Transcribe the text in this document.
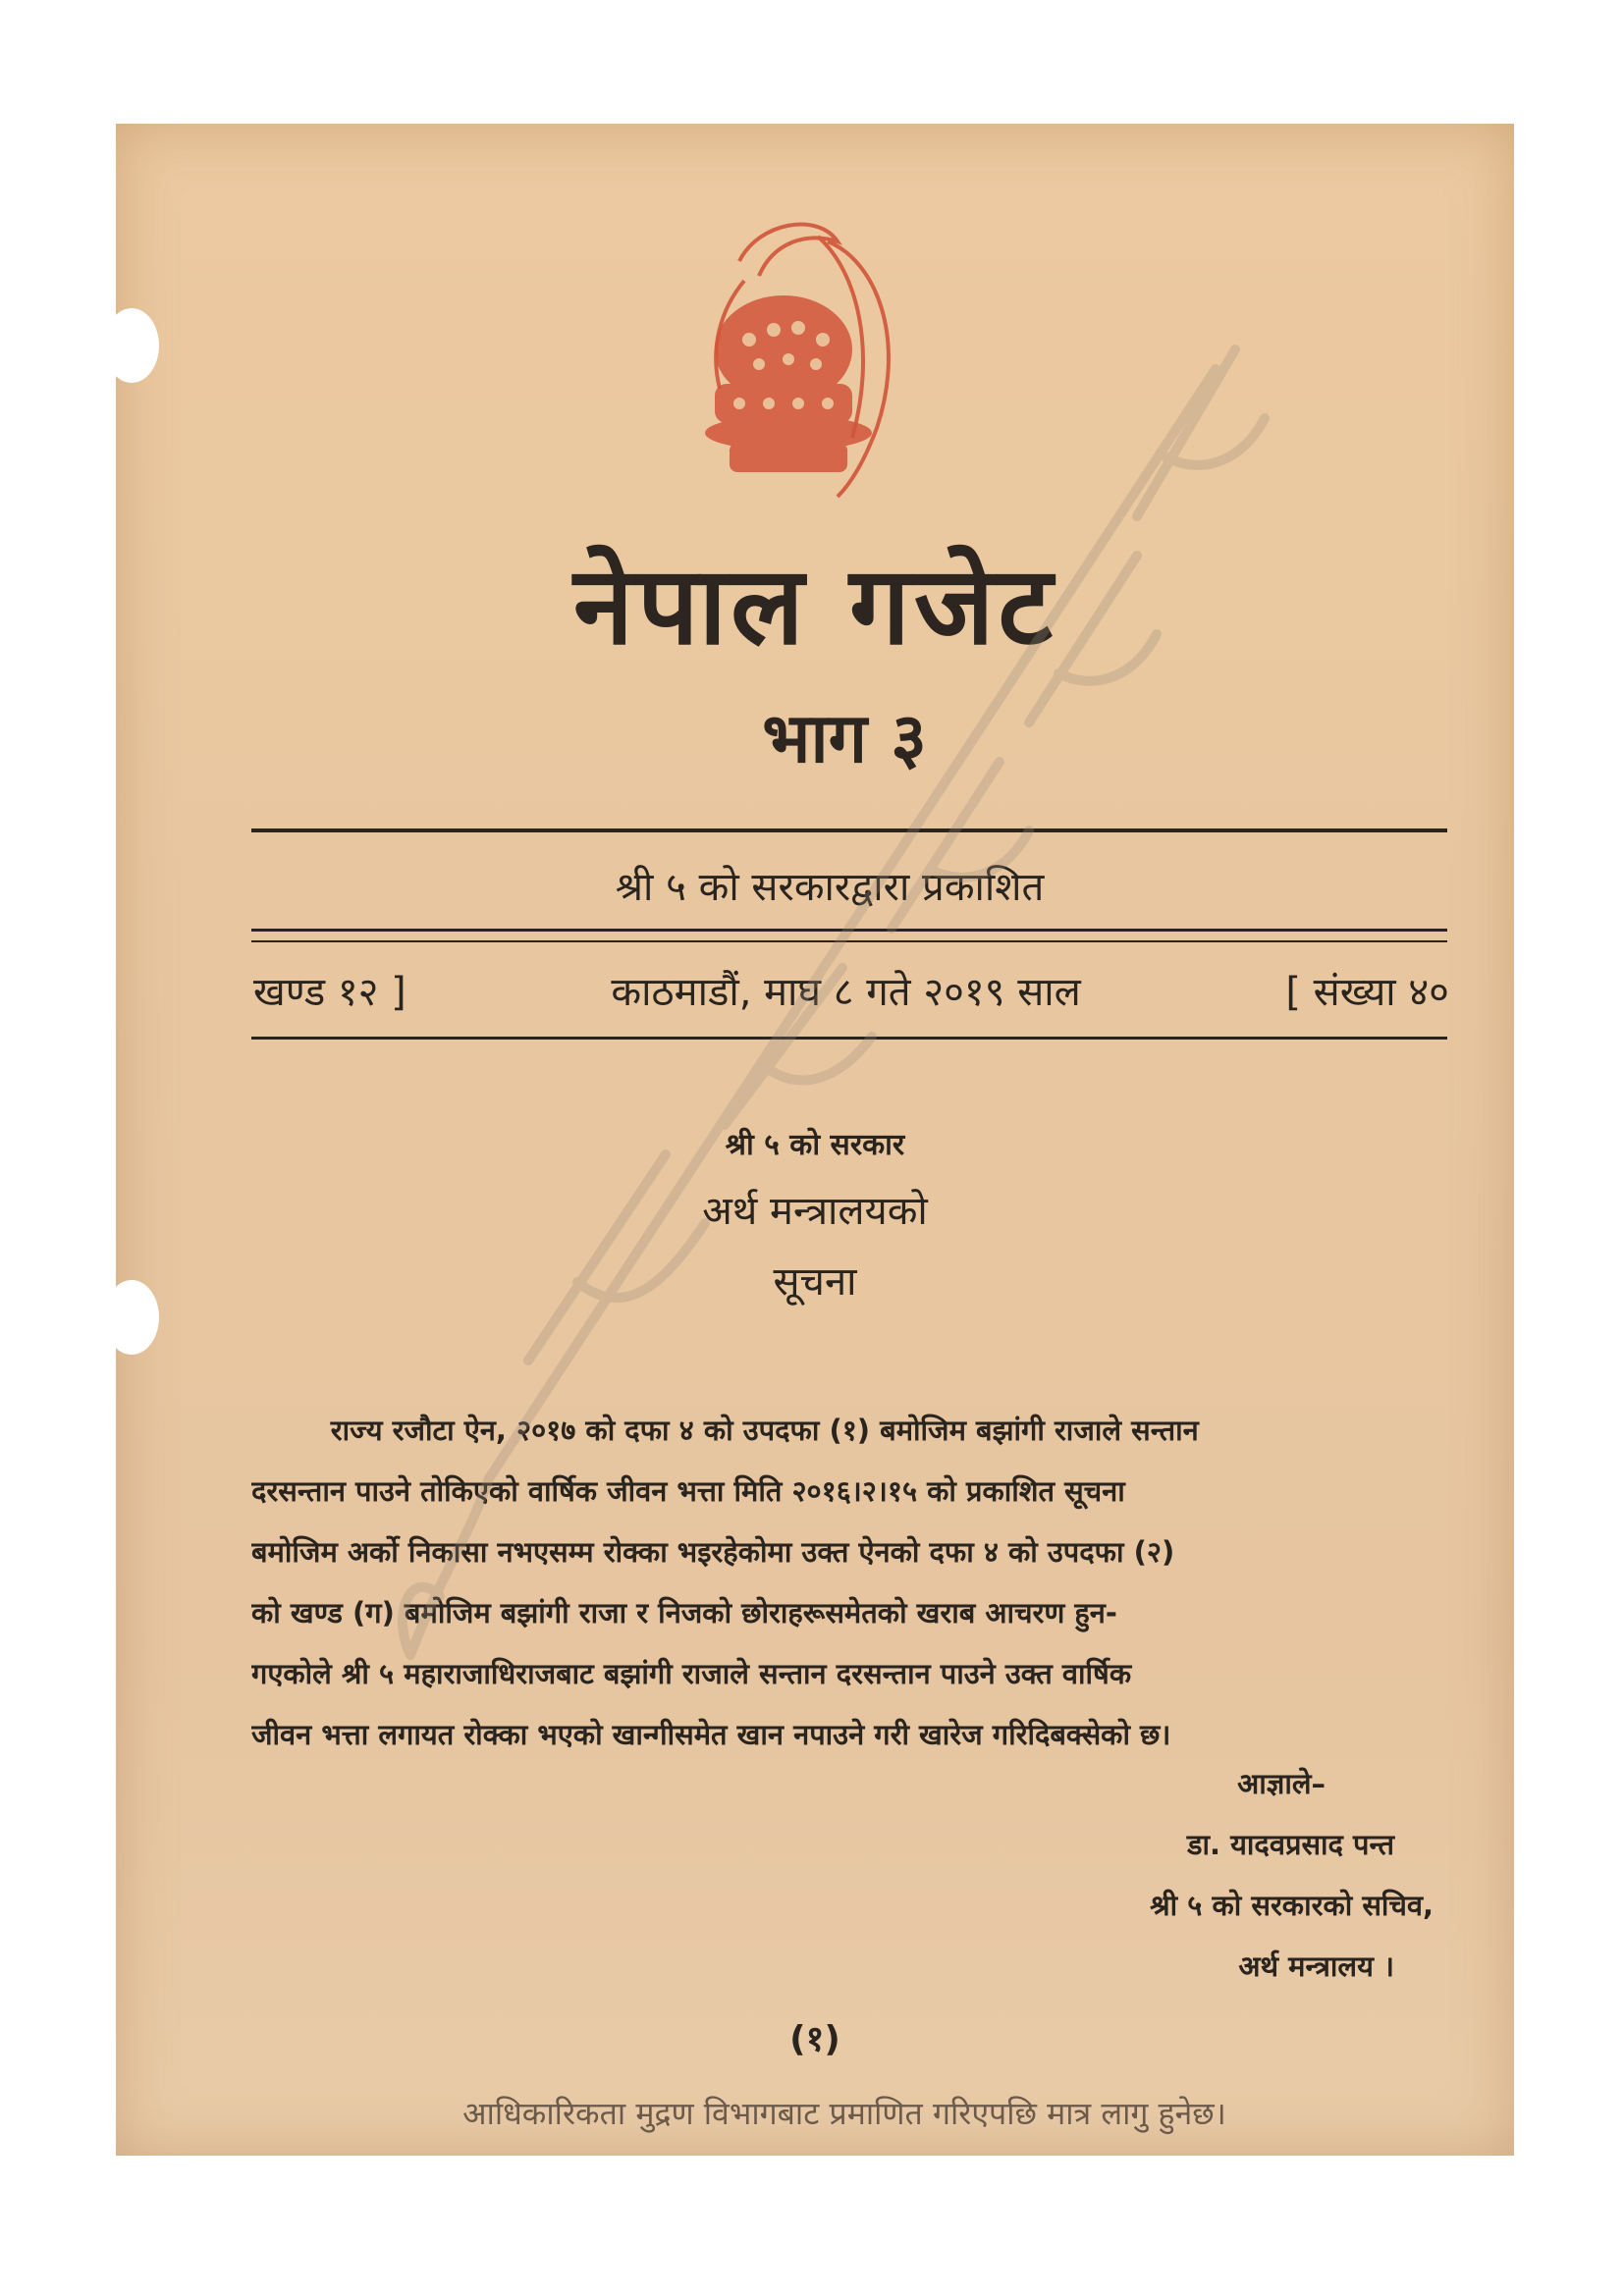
नेपाल गजेट
भाग ३
श्री ५ को सरकारद्वारा प्रकाशित
खण्ड १२ ]	काठमाडौं, माघ ८ गते २०१९ साल	[ संख्या ४०
श्री ५ को सरकार
अर्थ मन्त्रालयको
सूचना
राज्य रजौटा ऐन, २०१७ को दफा ४ को उपदफा (१) बमोजिम बझांगी राजाले सन्तान
दरसन्तान पाउने तोकिएको वार्षिक जीवन भत्ता मिति २०१६।२।१५ को प्रकाशित सूचना
बमोजिम अर्को निकासा नभएसम्म रोक्का भइरहेकोमा उक्त ऐनको दफा ४ को उपदफा (२)
को खण्ड (ग) बमोजिम बझांगी राजा र निजको छोराहरूसमेतको खराब आचरण हुन-
गएकोले श्री ५ महाराजाधिराजबाट बझांगी राजाले सन्तान दरसन्तान पाउने उक्त वार्षिक
जीवन भत्ता लगायत रोक्का भएको खान्गीसमेत खान नपाउने गरी खारेज गरिदिबक्सेको छ।
आज्ञाले–
डा. यादवप्रसाद पन्त
श्री ५ को सरकारको सचिव,
अर्थ मन्त्रालय ।
(१)
आधिकारिकता मुद्रण विभागबाट प्रमाणित गरिएपछि मात्र लागु हुनेछ।
